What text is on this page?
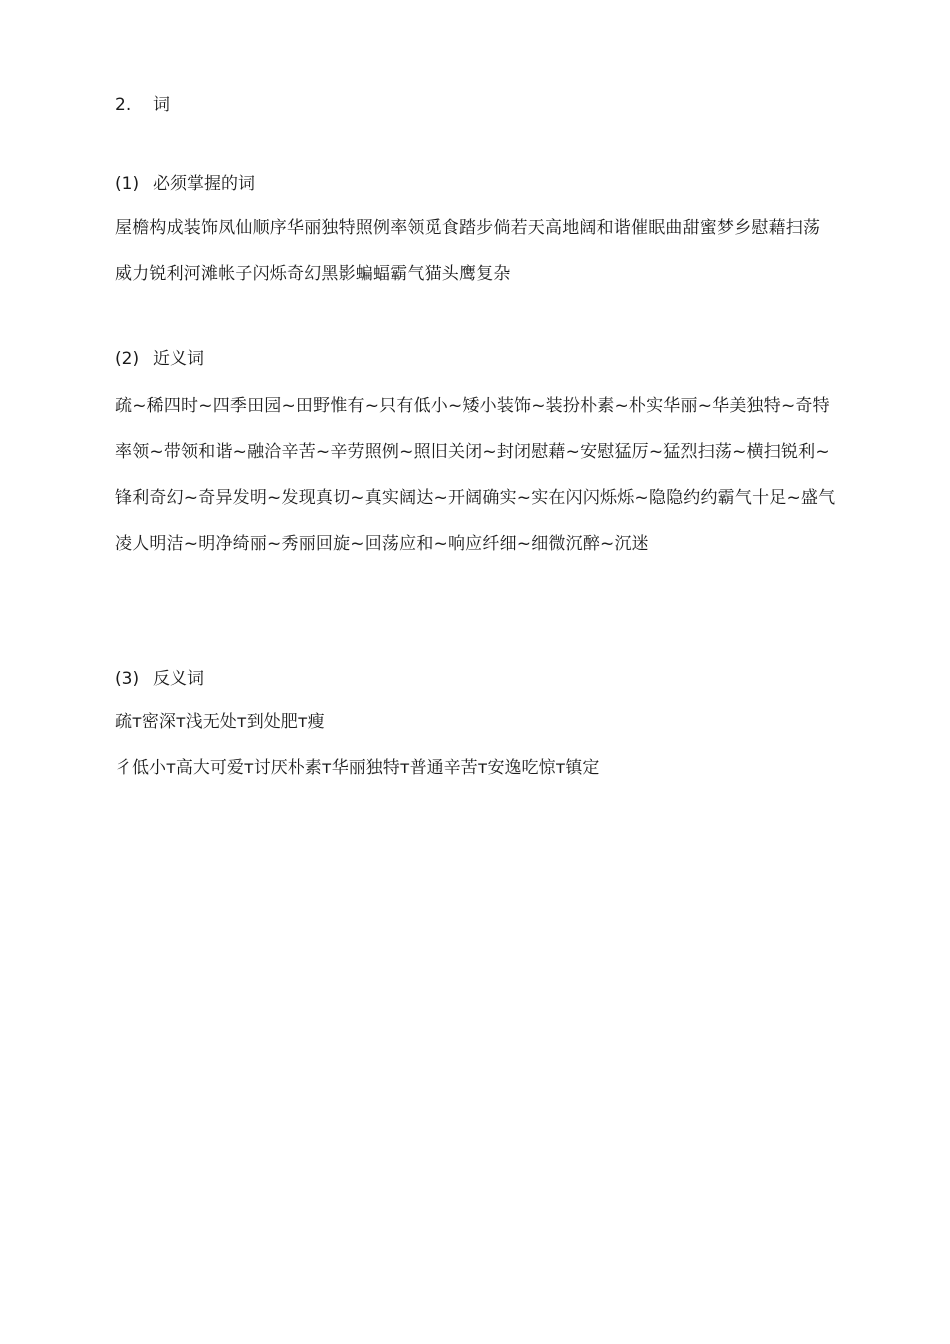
2. 词
(1) 必须掌握的词
屋檐构成装饰凤仙顺序华丽独特照例率领觅食踏步倘若天高地阔和谐催眠曲甜蜜梦乡慰藉扫荡威力锐利河滩帐子闪烁奇幻黑影蝙蝠霸气猫头鹰复杂
(2) 近义词
疏~稀四时~四季田园~田野惟有~只有低小~矮小装饰~装扮朴素~朴实华丽~华美独特~奇特率领~带领和谐~融洽辛苦~辛劳照例~照旧关闭~封闭慰藉~安慰猛厉~猛烈扫荡~横扫锐利~锋利奇幻~奇异发明~发现真切~真实阔达~开阔确实~实在闪闪烁烁~隐隐约约霸气十足~盛气凌人明洁~明净绮丽~秀丽回旋~回荡应和~响应纤细~细微沉醉~沉迷
(3) 反义词
疏т密深т浅无处т到处肥т瘦
彳低小т高大可爱т讨厌朴素т华丽独特т普通辛苦т安逸吃惊т镇定
